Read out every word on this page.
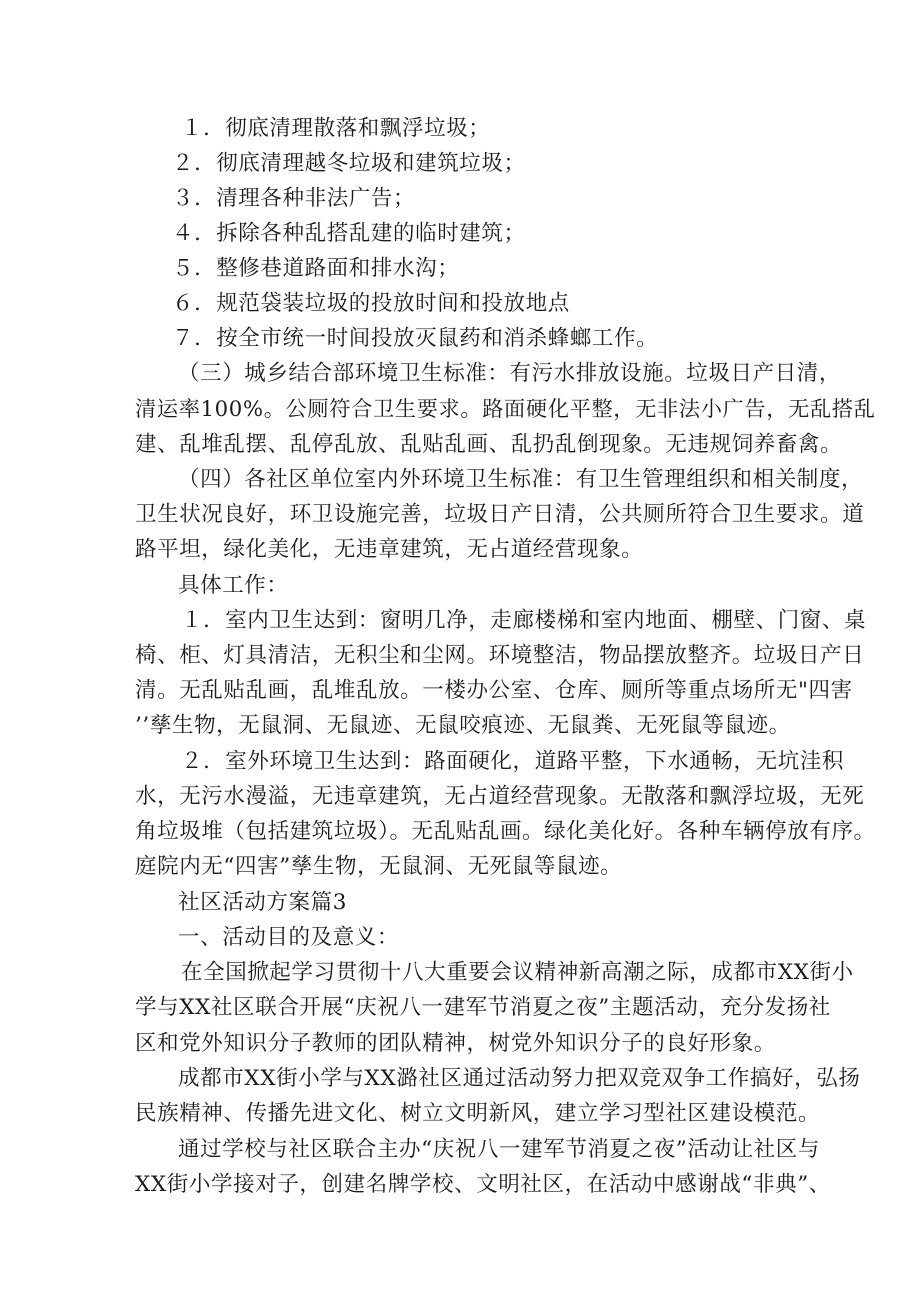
１．彻底清理散落和飘浮垃圾；

２．彻底清理越冬垃圾和建筑垃圾；

３．清理各种非法广告；

４．拆除各种乱搭乱建的临时建筑；

５．整修巷道路面和排水沟；

６．规范袋装垃圾的投放时间和投放地点

７．按全市统一时间投放灭鼠药和消杀蜂螂工作。

（三）城乡结合部环境卫生标准：有污水排放设施。垃圾日产日清，

清运率100%。公厕符合卫生要求。路面硬化平整，无非法小广告，无乱搭乱

建、乱堆乱摆、乱停乱放、乱贴乱画、乱扔乱倒现象。无违规饲养畜禽。

（四）各社区单位室内外环境卫生标准：有卫生管理组织和相关制度，

卫生状况良好，环卫设施完善，垃圾日产日清，公共厕所符合卫生要求。道

路平坦，绿化美化，无违章建筑，无占道经营现象。

具体工作：

１．室内卫生达到：窗明几净，走廊楼梯和室内地面、棚壁、门窗、桌

椅、柜、灯具清洁，无积尘和尘网。环境整洁，物品摆放整齐。垃圾日产日

清。无乱贴乱画，乱堆乱放。一楼办公室、仓库、厕所等重点场所无"四害

’’孳生物，无鼠洞、无鼠迹、无鼠咬痕迹、无鼠粪、无死鼠等鼠迹。

２．室外环境卫生达到：路面硬化，道路平整，下水通畅，无坑洼积

水，无污水漫溢，无违章建筑，无占道经营现象。无散落和飘浮垃圾，无死

角垃圾堆（包括建筑垃圾）。无乱贴乱画。绿化美化好。各种车辆停放有序。

庭院内无“四害”孳生物，无鼠洞、无死鼠等鼠迹。

社区活动方案篇3

一、活动目的及意义：

在全国掀起学习贯彻十八大重要会议精神新高潮之际，成都市XX街小

学与XX社区联合开展“庆祝八一建军节消夏之夜”主题活动，充分发扬社

区和党外知识分子教师的团队精神，树党外知识分子的良好形象。

成都市XX街小学与XX潞社区通过活动努力把双竞双争工作搞好，弘扬

民族精神、传播先进文化、树立文明新风，建立学习型社区建设模范。

通过学校与社区联合主办“庆祝八一建军节消夏之夜”活动让社区与

XX街小学接对子，创建名牌学校、文明社区，在活动中感谢战“非典”、
